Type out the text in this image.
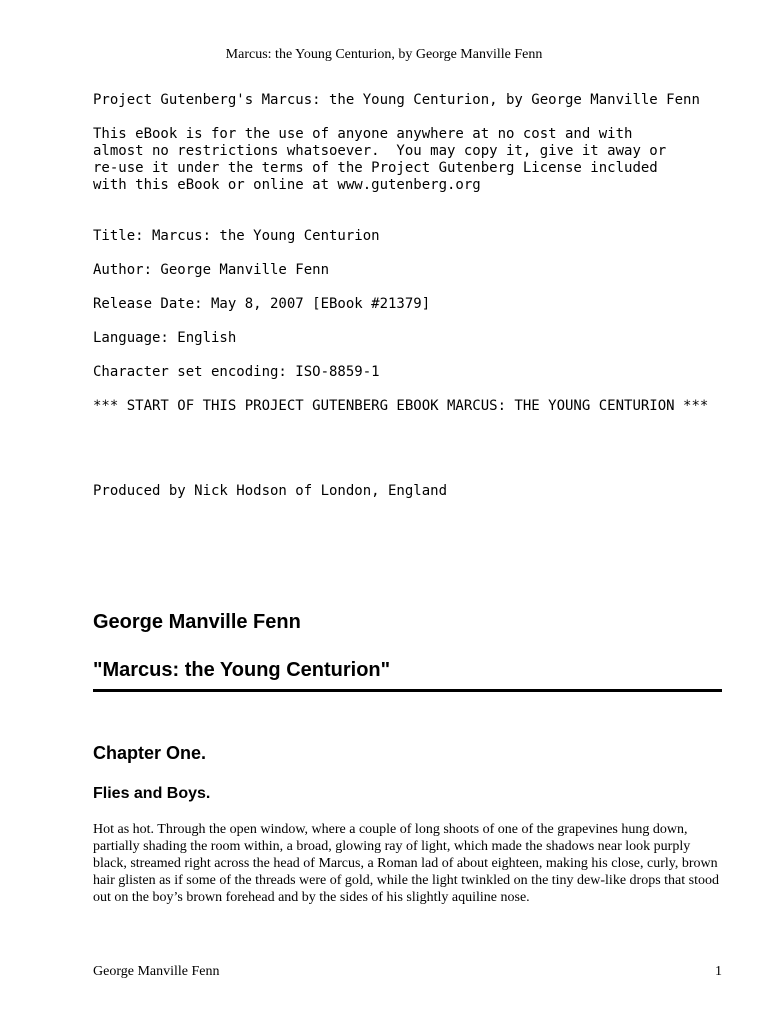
Marcus: the Young Centurion, by George Manville Fenn
Project Gutenberg's Marcus: the Young Centurion, by George Manville Fenn
This eBook is for the use of anyone anywhere at no cost and with
almost no restrictions whatsoever.  You may copy it, give it away or
re-use it under the terms of the Project Gutenberg License included
with this eBook or online at www.gutenberg.org
Title: Marcus: the Young Centurion
Author: George Manville Fenn
Release Date: May 8, 2007 [EBook #21379]
Language: English
Character set encoding: ISO-8859-1
*** START OF THIS PROJECT GUTENBERG EBOOK MARCUS: THE YOUNG CENTURION ***
Produced by Nick Hodson of London, England
George Manville Fenn
"Marcus: the Young Centurion"
Chapter One.
Flies and Boys.

Hot as hot. Through the open window, where a couple of long shoots of one of the grapevines hung down, partially shading the room within, a broad, glowing ray of light, which made the shadows near look purply black, streamed right across the head of Marcus, a Roman lad of about eighteen, making his close, curly, brown hair glisten as if some of the threads were of gold, while the light twinkled on the tiny dew-like drops that stood out on the boy’s brown forehead and by the sides of his slightly aquiline nose.

George Manville Fenn	1
